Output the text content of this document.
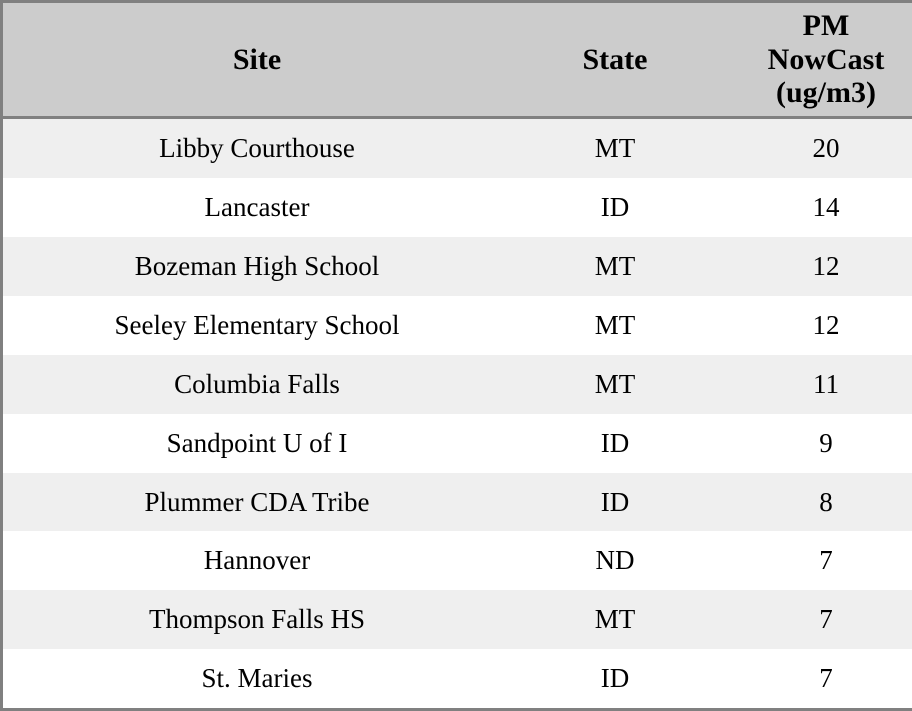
Site	State	PM
NowCast
(ug/m3)

Libby Courthouse	MT	20
Lancaster	ID	14
Bozeman High School	MT	12
Seeley Elementary School	MT	12
Columbia Falls	MT	11
Sandpoint U of I	ID	9
Plummer CDA Tribe	ID	8
Hannover	ND	7
Thompson Falls HS	MT	7
St. Maries	ID	7
